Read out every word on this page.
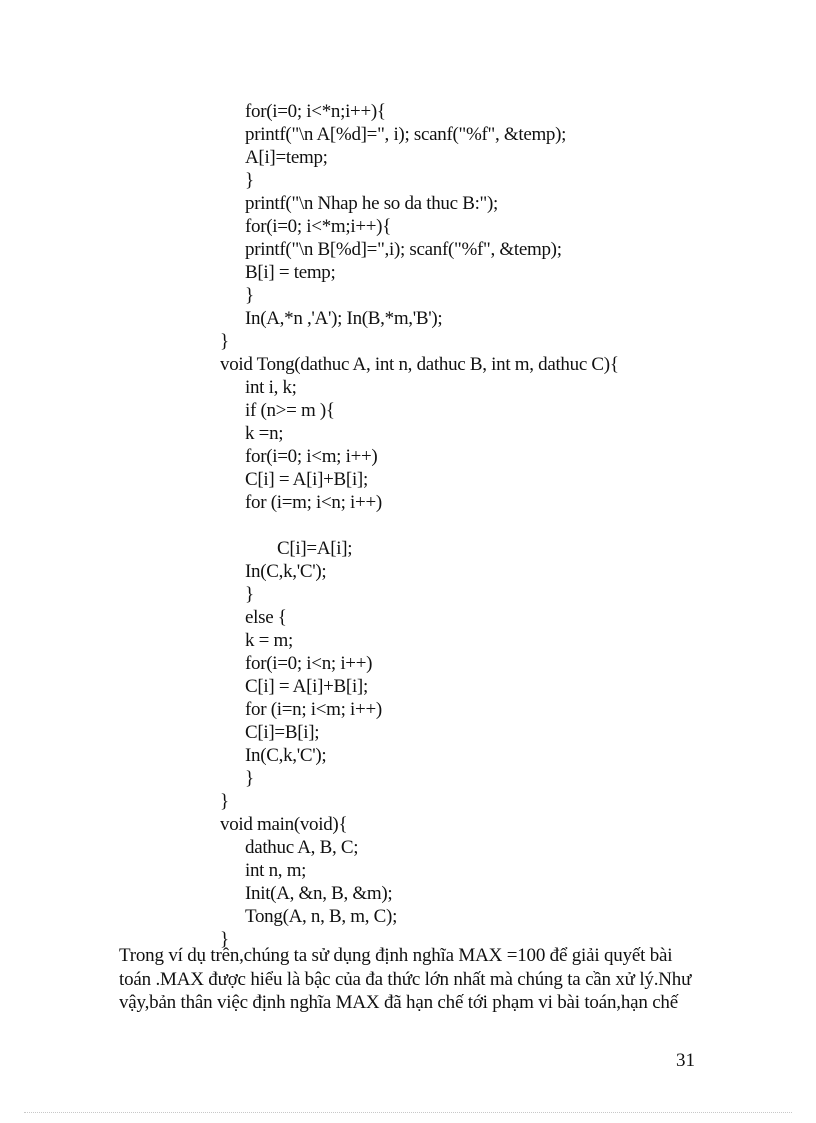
for(i=0; i<*n;i++){
printf("\n A[%d]=", i); scanf("%f", &temp);
A[i]=temp;
}
printf("\n Nhap he so da thuc B:");
for(i=0; i<*m;i++){
printf("\n B[%d]=",i); scanf("%f", &temp);
B[i] = temp;
}
In(A,*n ,'A'); In(B,*m,'B');
}
void Tong(dathuc A, int n, dathuc B, int m, dathuc C){
int i, k;
if (n>= m ){
k =n;
for(i=0; i<m; i++)
C[i] = A[i]+B[i];
for (i=m; i<n; i++)
C[i]=A[i];
In(C,k,'C');
}
else {
k = m;
for(i=0; i<n; i++)
C[i] = A[i]+B[i];
for (i=n; i<m; i++)
C[i]=B[i];
In(C,k,'C');
}
}
void main(void){
dathuc A, B, C;
int n, m;
Init(A, &n, B, &m);
Tong(A, n, B, m, C);
}
Trong ví dụ trên,chúng ta sử dụng định nghĩa MAX =100 để giải quyết bài
toán .MAX được hiểu là bậc của đa thức lớn nhất mà chúng ta cần xử lý.Như
vậy,bản thân việc định nghĩa MAX đã hạn chế tới phạm vi bài toán,hạn chế
31
